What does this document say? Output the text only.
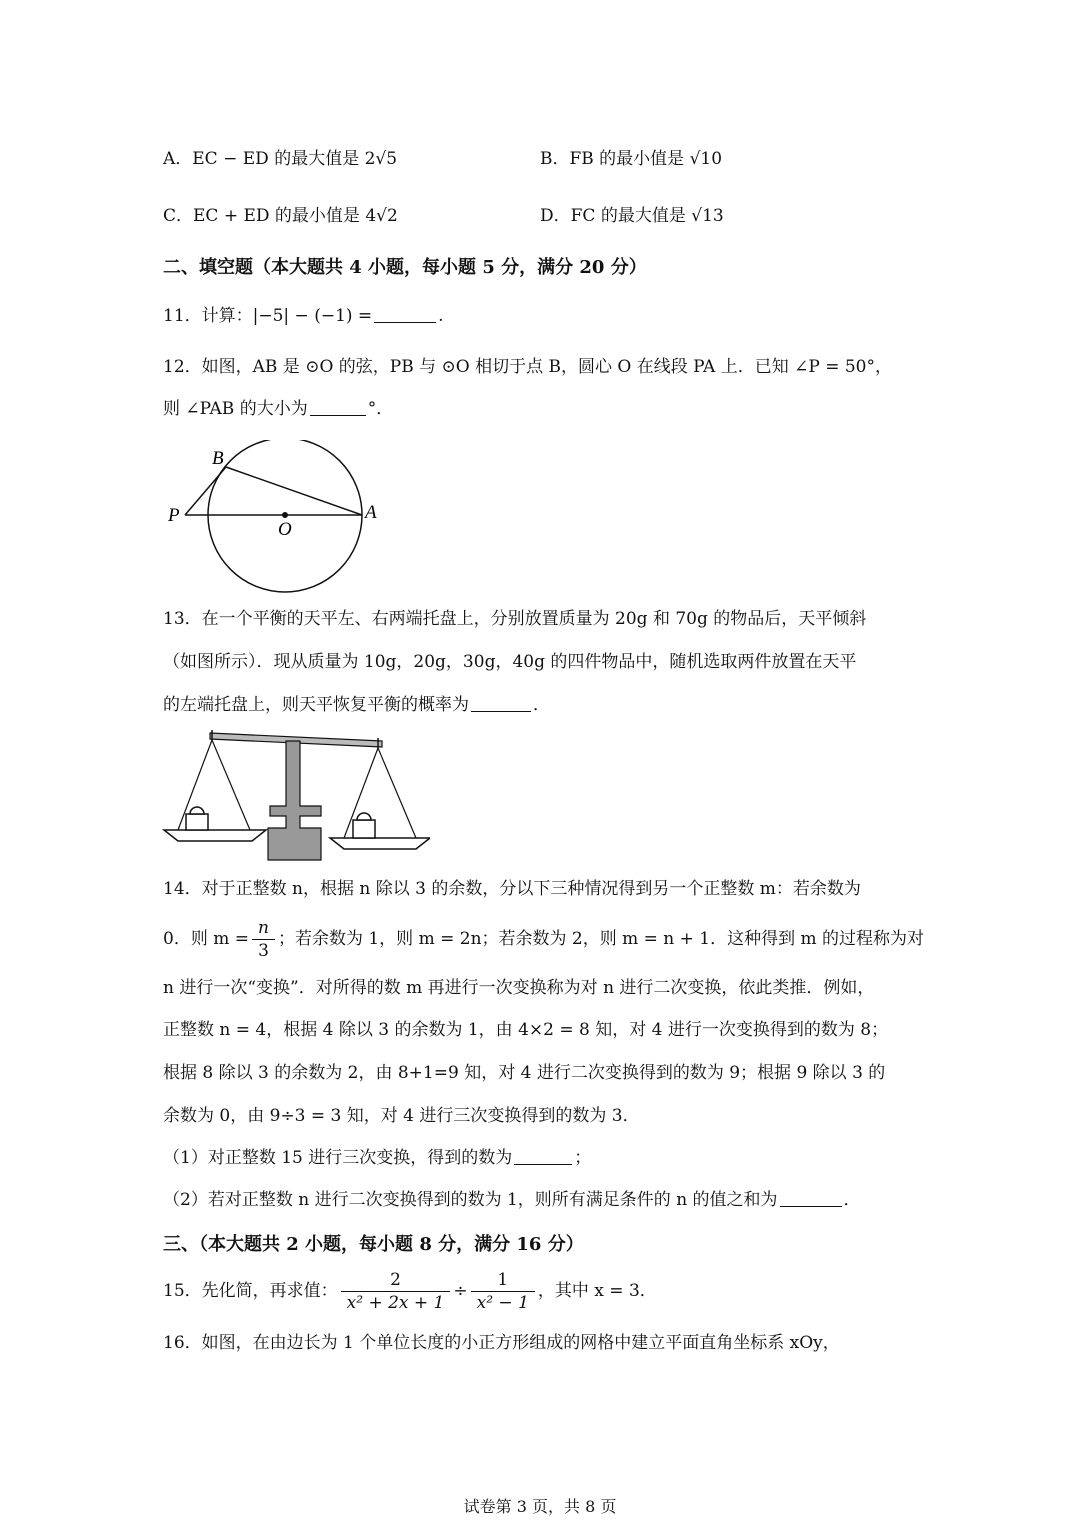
A．EC − ED 的最大值是 2√5	B．FB 的最小值是 √10
C．EC + ED 的最小值是 4√2	D．FC 的最大值是 √13
二、填空题（本大题共 4 小题，每小题 5 分，满分 20 分）
11．计算：|−5| − (−1) =	.
12．如图，AB 是 ⊙O 的弦，PB 与 ⊙O 相切于点 B，圆心 O 在线段 PA 上．已知 ∠P = 50°，
则 ∠PAB 的大小为	°．
B
P
O
A
13．在一个平衡的天平左、右两端托盘上，分别放置质量为 20g 和 70g 的物品后，天平倾斜
（如图所示）．现从质量为 10g，20g，30g，40g 的四件物品中，随机选取两件放置在天平
的左端托盘上，则天平恢复平衡的概率为	．
14．对于正整数 n，根据 n 除以 3 的余数，分以下三种情况得到另一个正整数 m：若余数为
0．则 $m = \frac{n}{3}$ ；若余数为 1，则 m = 2n；若余数为 2，则 m = n + 1．这种得到 m 的过程称为对
n 进行一次“变换”．对所得的数 m 再进行一次变换称为对 n 进行二次变换，依此类推．例如，
正整数 n = 4，根据 4 除以 3 的余数为 1，由 4×2 = 8 知，对 4 进行一次变换得到的数为 8；
根据 8 除以 3 的余数为 2，由 8+1=9 知，对 4 进行二次变换得到的数为 9；根据 9 除以 3 的
余数为 0，由 9÷3 = 3 知，对 4 进行三次变换得到的数为 3．
（1）对正整数 15 进行三次变换，得到的数为	；
（2）若对正整数 n 进行二次变换得到的数为 1，则所有满足条件的 n 的值之和为	．
三、（本大题共 2 小题，每小题 8 分，满分 16 分）
15．先化简，再求值： $\frac{2}{\text{x² + 2x + 1}} \div \frac{1}{\text{x² − 1}}$ ，其中 x = 3．
16．如图，在由边长为 1 个单位长度的小正方形组成的网格中建立平面直角坐标系 xOy，
试卷第 3 页，共 8 页
